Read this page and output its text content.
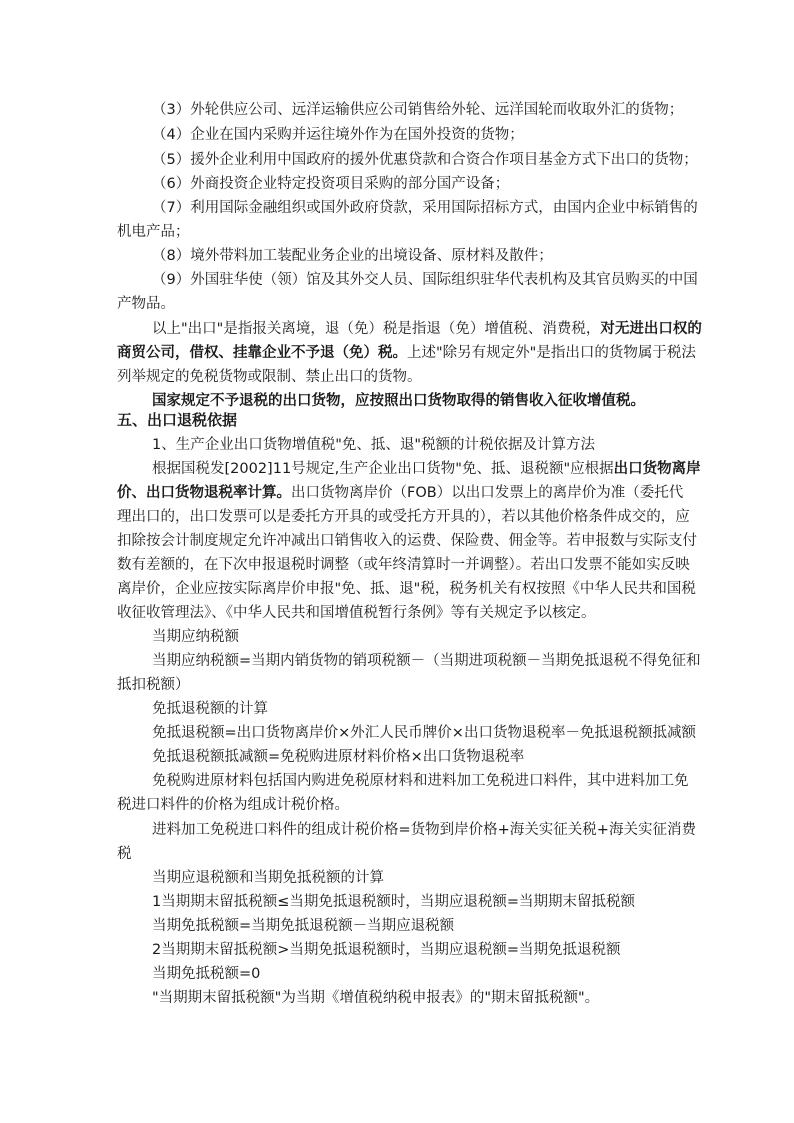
（3）外轮供应公司、远洋运输供应公司销售给外轮、远洋国轮而收取外汇的货物；
（4）企业在国内采购并运往境外作为在国外投资的货物；
（5）援外企业利用中国政府的援外优惠贷款和合资合作项目基金方式下出口的货物；
（6）外商投资企业特定投资项目采购的部分国产设备；
（7）利用国际金融组织或国外政府贷款，采用国际招标方式，由国内企业中标销售的
机电产品；
（8）境外带料加工装配业务企业的出境设备、原材料及散件；
（9）外国驻华使（领）馆及其外交人员、国际组织驻华代表机构及其官员购买的中国
产物品。
以上"出口"是指报关离境，退（免）税是指退（免）增值税、消费税，对无进出口权的
商贸公司，借权、挂靠企业不予退（免）税。上述"除另有规定外"是指出口的货物属于税法
列举规定的免税货物或限制、禁止出口的货物。
国家规定不予退税的出口货物，应按照出口货物取得的销售收入征收增值税。
五、出口退税依据
1、生产企业出口货物增值税"免、抵、退"税额的计税依据及计算方法
根据国税发[2002]11号规定,生产企业出口货物"免、抵、退税额"应根据出口货物离岸
价、出口货物退税率计算。出口货物离岸价（FOB）以出口发票上的离岸价为准（委托代
理出口的，出口发票可以是委托方开具的或受托方开具的），若以其他价格条件成交的，应
扣除按会计制度规定允许冲减出口销售收入的运费、保险费、佣金等。若申报数与实际支付
数有差额的，在下次申报退税时调整（或年终清算时一并调整）。若出口发票不能如实反映
离岸价，企业应按实际离岸价申报"免、抵、退"税，税务机关有权按照《中华人民共和国税
收征收管理法》、《中华人民共和国增值税暂行条例》等有关规定予以核定。
当期应纳税额
当期应纳税额=当期内销货物的销项税额－（当期进项税额－当期免抵退税不得免征和
抵扣税额）
免抵退税额的计算
免抵退税额=出口货物离岸价×外汇人民币牌价×出口货物退税率－免抵退税额抵减额
免抵退税额抵减额=免税购进原材料价格×出口货物退税率
免税购进原材料包括国内购进免税原材料和进料加工免税进口料件，其中进料加工免
税进口料件的价格为组成计税价格。
进料加工免税进口料件的组成计税价格=货物到岸价格+海关实征关税+海关实征消费
税
当期应退税额和当期免抵税额的计算
1当期期末留抵税额≤当期免抵退税额时，当期应退税额=当期期末留抵税额
当期免抵税额=当期免抵退税额－当期应退税额
2当期期末留抵税额>当期免抵退税额时，当期应退税额=当期免抵退税额
当期免抵税额=0
"当期期末留抵税额"为当期《增值税纳税申报表》的"期末留抵税额"。
